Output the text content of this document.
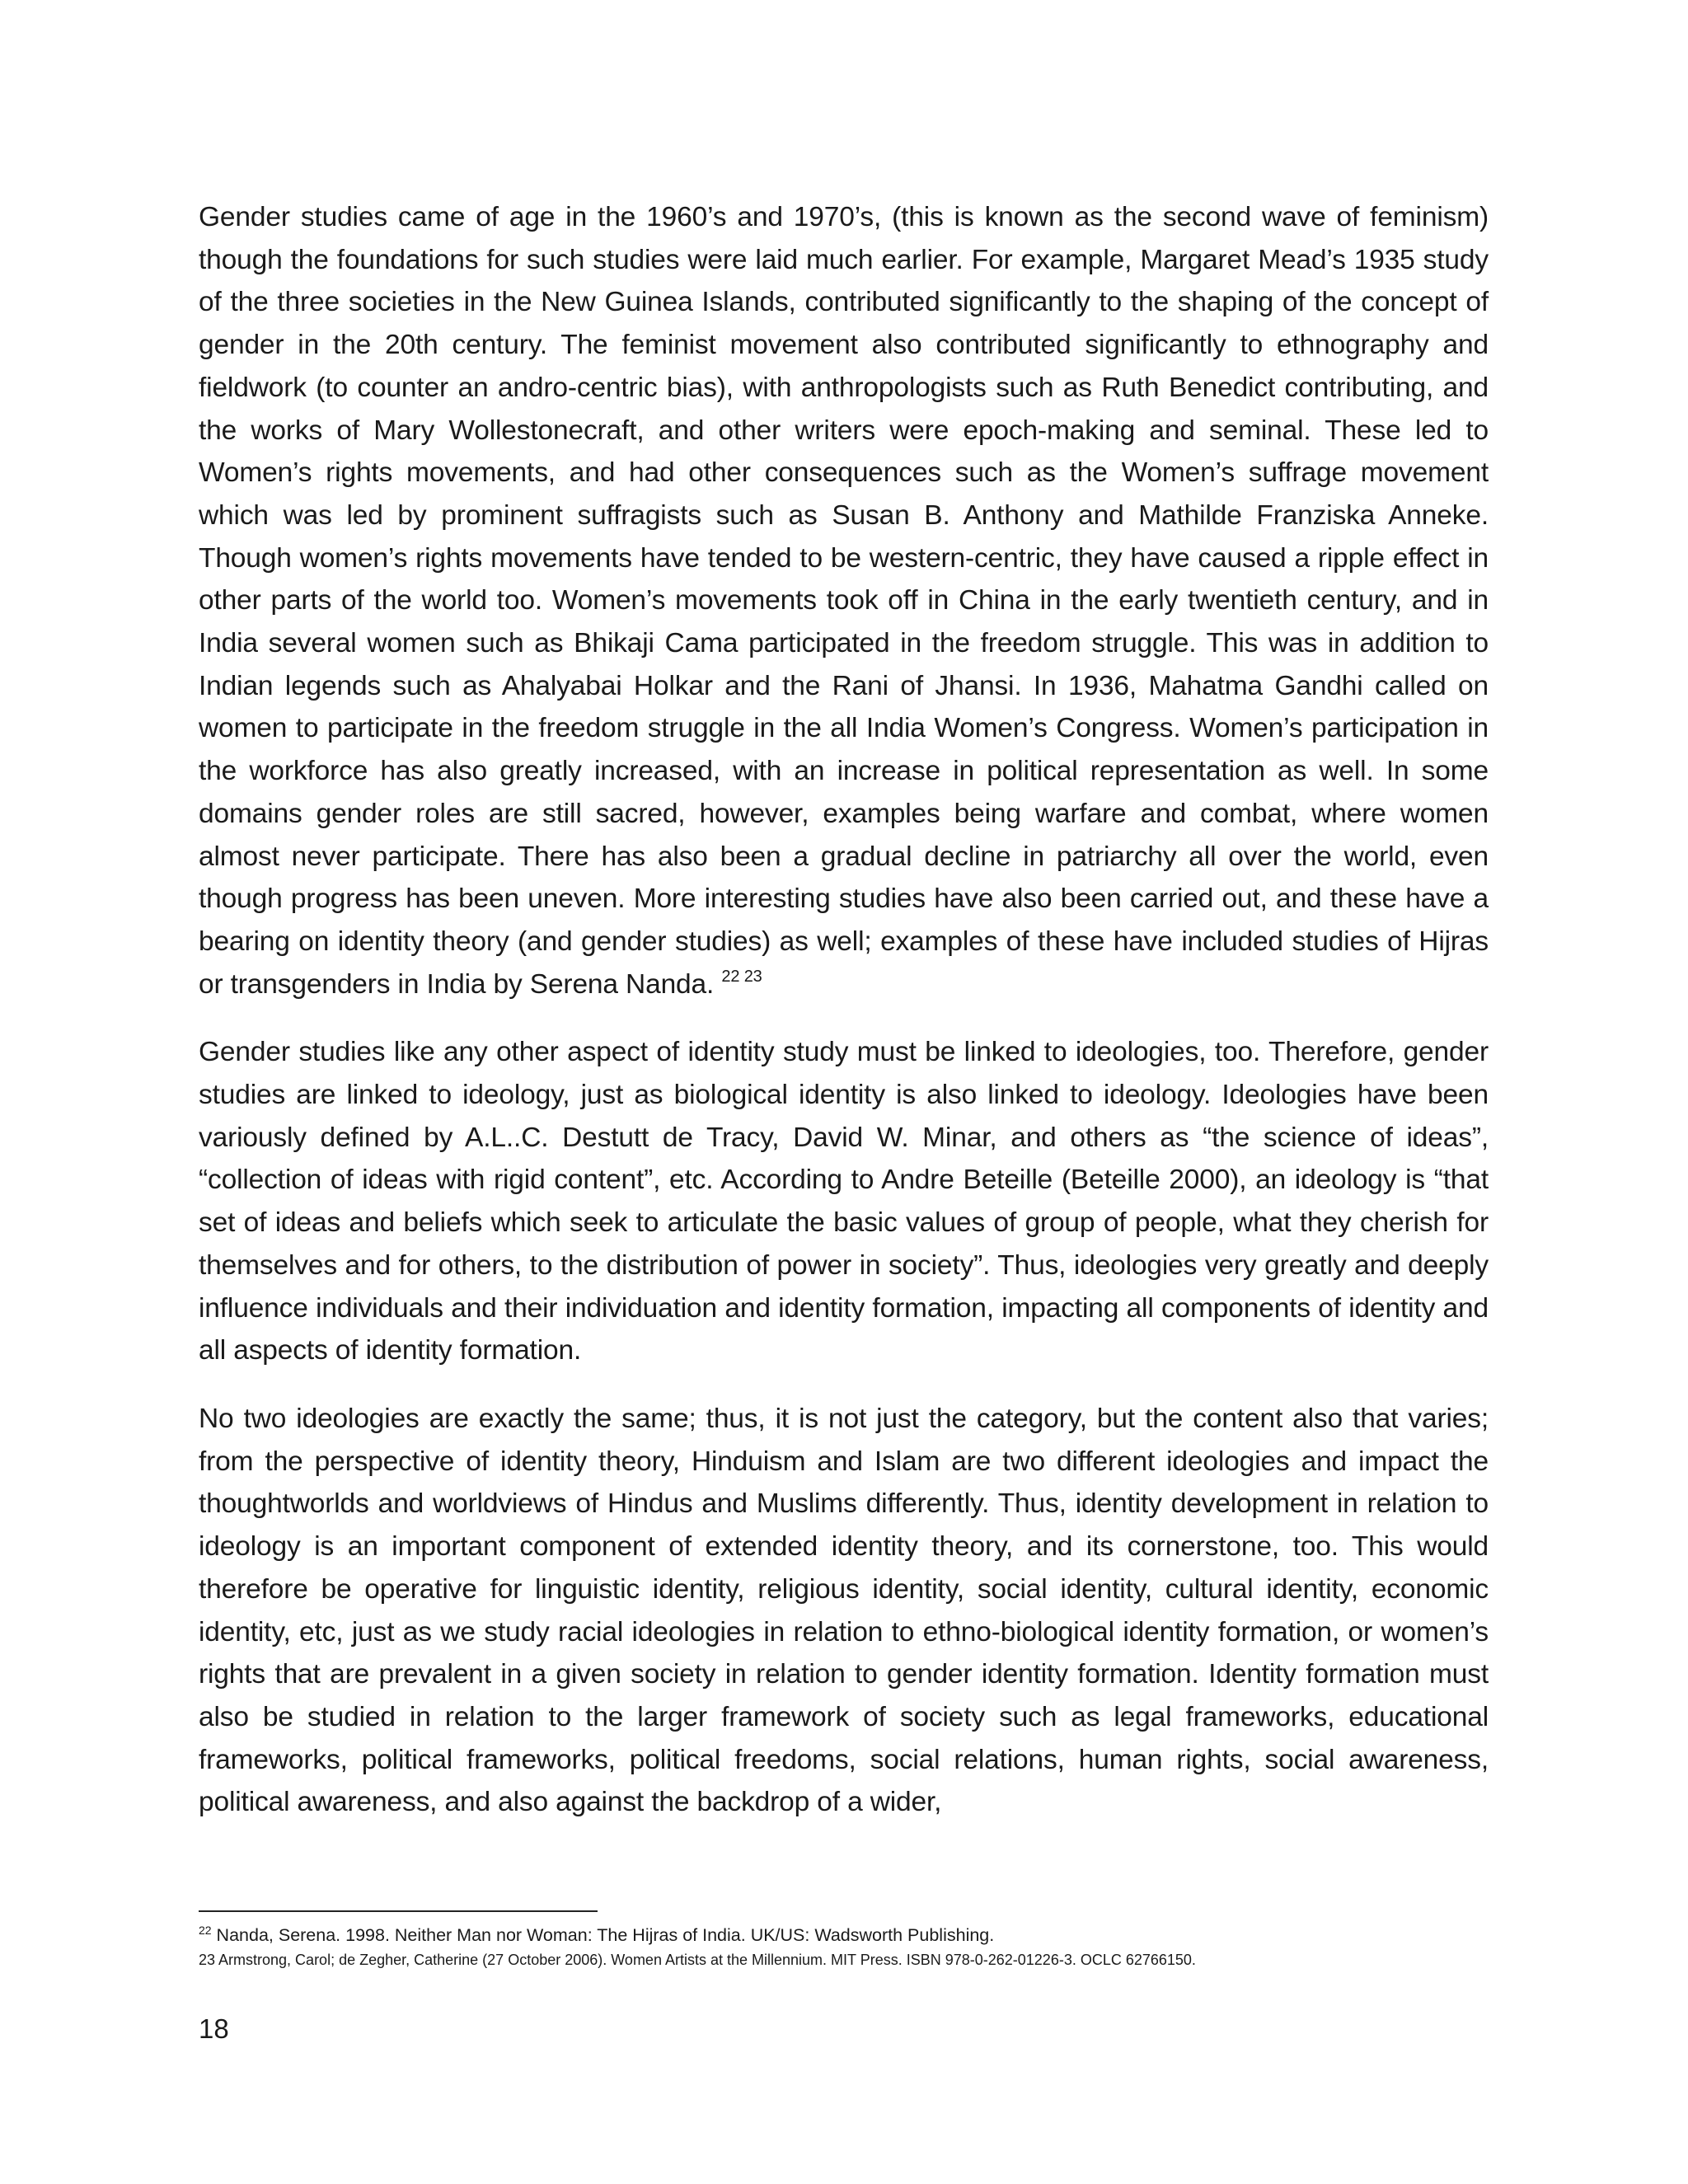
Gender studies came of age in the 1960’s and 1970’s, (this is known as the second wave of feminism) though the foundations for such studies were laid much earlier. For example, Margaret Mead’s 1935 study of the three societies in the New Guinea Islands, contributed significantly to the shaping of the concept of gender in the 20th century. The feminist movement also contributed significantly to ethnography and fieldwork (to counter an andro-centric bias), with anthropologists such as Ruth Benedict contributing, and the works of Mary Wollestonecraft, and other writers were epoch-making and seminal. These led to Women’s rights movements, and had other consequences such as the Women’s suffrage movement which was led by prominent suffragists such as Susan B. Anthony and Mathilde Franziska Anneke. Though women’s rights movements have tended to be western-centric, they have caused a ripple effect in other parts of the world too. Women’s movements took off in China in the early twentieth century, and in India several women such as Bhikaji Cama participated in the freedom struggle. This was in addition to Indian legends such as Ahalyabai Holkar and the Rani of Jhansi. In 1936, Mahatma Gandhi called on women to participate in the freedom struggle in the all India Women’s Congress. Women’s participation in the workforce has also greatly increased, with an increase in political representation as well. In some domains gender roles are still sacred, however, examples being warfare and combat, where women almost never participate. There has also been a gradual decline in patriarchy all over the world, even though progress has been uneven. More interesting studies have also been carried out, and these have a bearing on identity theory (and gender studies) as well; examples of these have included studies of Hijras or transgenders in India by Serena Nanda. $^{22 23}$

Gender studies like any other aspect of identity study must be linked to ideologies, too. Therefore, gender studies are linked to ideology, just as biological identity is also linked to ideology. Ideologies have been variously defined by A.L..C. Destutt de Tracy, David W. Minar, and others as “the science of ideas”, “collection of ideas with rigid content”, etc. According to Andre Beteille (Beteille 2000), an ideology is “that set of ideas and beliefs which seek to articulate the basic values of group of people, what they cherish for themselves and for others, to the distribution of power in society”. Thus, ideologies very greatly and deeply influence individuals and their individuation and identity formation, impacting all components of identity and all aspects of identity formation.

No two ideologies are exactly the same; thus, it is not just the category, but the content also that varies; from the perspective of identity theory, Hinduism and Islam are two different ideologies and impact the thoughtworlds and worldviews of Hindus and Muslims differently. Thus, identity development in relation to ideology is an important component of extended identity theory, and its cornerstone, too. This would therefore be operative for linguistic identity, religious identity, social identity, cultural identity, economic identity, etc, just as we study racial ideologies in relation to ethno-biological identity formation, or women’s rights that are prevalent in a given society in relation to gender identity formation. Identity formation must also be studied in relation to the larger framework of society such as legal frameworks, educational frameworks, political frameworks, political freedoms, social relations, human rights, social awareness, political awareness, and also against the backdrop of a wider,

$^{22}$ Nanda, Serena. 1998. Neither Man nor Woman: The Hijras of India. UK/US: Wadsworth Publishing.

23 Armstrong, Carol; de Zegher, Catherine (27 October 2006). Women Artists at the Millennium. MIT Press. ISBN 978-0-262-01226-3. OCLC 62766150.

18
